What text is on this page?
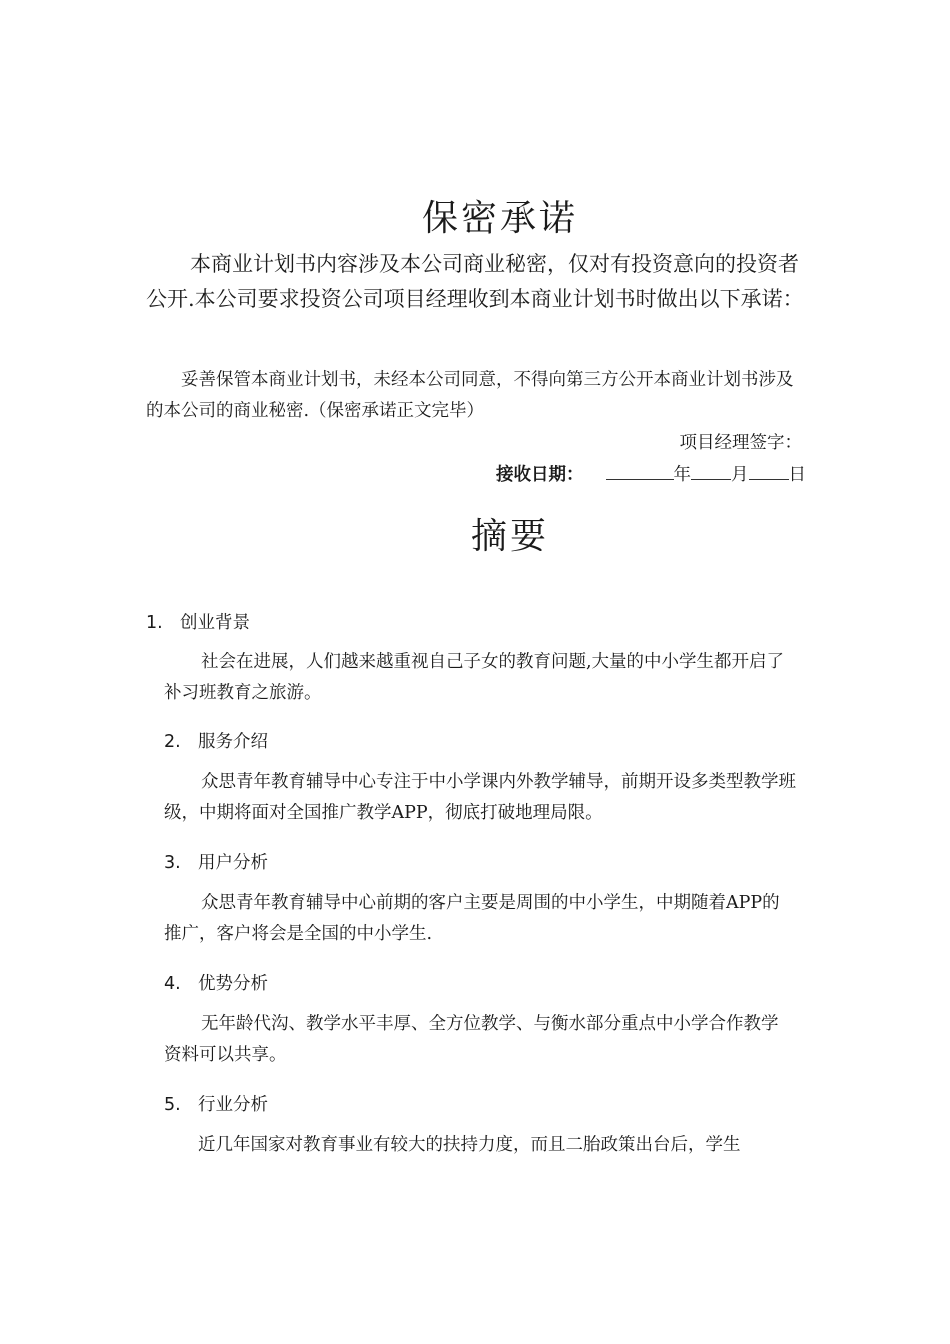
保密承诺
本商业计划书内容涉及本公司商业秘密，仅对有投资意向的投资者公开.本公司要求投资公司项目经理收到本商业计划书时做出以下承诺：
妥善保管本商业计划书，未经本公司同意，不得向第三方公开本商业计划书涉及的本公司的商业秘密.（保密承诺正文完毕）
项目经理签字：
接收日期：	年 月 日
摘要
1. 创业背景
社会在进展，人们越来越重视自己子女的教育问题,大量的中小学生都开启了补习班教育之旅游。
2. 服务介绍
众思青年教育辅导中心专注于中小学课内外教学辅导，前期开设多类型教学班级，中期将面对全国推广教学APP，彻底打破地理局限。
3. 用户分析
众思青年教育辅导中心前期的客户主要是周围的中小学生，中期随着APP的推广，客户将会是全国的中小学生.
4. 优势分析
无年龄代沟、教学水平丰厚、全方位教学、与衡水部分重点中小学合作教学资料可以共享。
5. 行业分析
近几年国家对教育事业有较大的扶持力度，而且二胎政策出台后，学生
